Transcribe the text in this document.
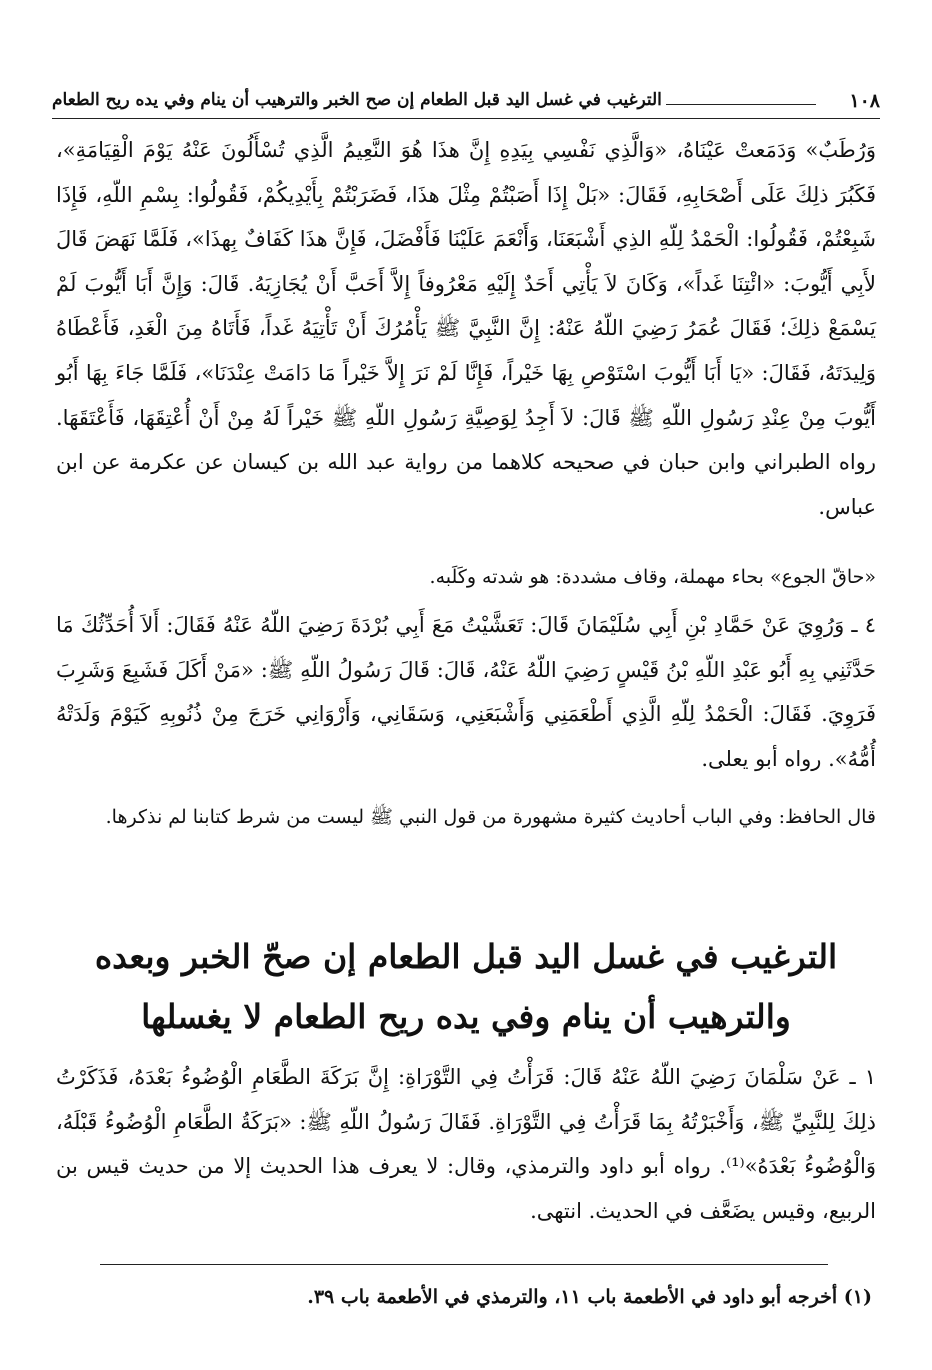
١٠٨
الترغيب في غسل اليد قبل الطعام إن صح الخبر والترهيب أن ينام وفي يده ريح الطعام

وَرُطَبٌ» وَدَمَعتْ عَيْنَاهُ، «وَالَّذِي نَفْسِي بِيَدِهِ إِنَّ هذَا هُوَ النَّعِيمُ الَّذِي تُسْأَلُونَ عَنْهُ يَوْمَ الْقِيَامَةِ»، فَكَبُرَ ذلِكَ عَلَى أَصْحَابِهِ، فَقَالَ: «بَلْ إِذَا أَصَبْتُمْ مِثْلَ هذَا، فَضَرَبْتُمْ بِأَيْدِيكُمْ، فَقُولُوا: بِسْمِ اللّهِ، فَإِذَا شَبِعْتُمْ، فَقُولُوا: الْحَمْدُ لِلّهِ الذِي أَشْبَعَنَا، وَأَنْعَمَ عَلَيْنَا فَأَفْضَلَ، فَإِنَّ هذَا كَفَافٌ بِهذَا»، فَلَمَّا نَهَضَ قَالَ لأَبِي أَيُّوبَ: «ائْتِنَا غَداً»، وَكَانَ لاَ يَأْتِي أَحَدٌ إِلَيْهِ مَعْرُوفاً إِلاَّ أَحَبَّ أَنْ يُجَازِيَهُ. قَالَ: وَإِنَّ أَبَا أَيُّوبَ لَمْ يَسْمَعْ ذلِكَ؛ فَقَالَ عُمَرُ رَضِيَ اللّهُ عَنْهُ: إِنَّ النَّبِيَّ ﷺ يَأْمُرُكَ أَنْ تَأْتِيَهُ غَداً، فَأَتَاهُ مِنَ الْغَدِ، فَأَعْطَاهُ وَلِيدَتَهُ، فَقَالَ: «يَا أَبَا أَيُّوبَ اسْتَوْصِ بِهَا خَيْراً، فَإِنَّا لَمْ نَرَ إِلاَّ خَيْراً مَا دَامَتْ عِنْدَنَا»، فَلَمَّا جَاءَ بِهَا أَبُو أَيُّوبَ مِنْ عِنْدِ رَسُولِ اللّهِ ﷺ قَالَ: لاَ أَجِدُ لِوَصِيَّةِ رَسُولِ اللّهِ ﷺ خَيْراً لَهُ مِنْ أَنْ أُعْتِقَهَا، فَأَعْتَقَهَا. رواه الطبراني وابن حبان في صحيحه كلاهما من رواية عبد الله بن كيسان عن عكرمة عن ابن عباس.

«حاقّ الجوع» بحاء مهملة، وقاف مشددة: هو شدته وكَلَبه.

٤ ـ وَرُوِيَ عَنْ حَمَّادِ بْنِ أَبِي سُلَيْمَانَ قَالَ: تَعَشَّيْتُ مَعَ أَبِي بُرْدَةَ رَضِيَ اللّهُ عَنْهُ فَقَالَ: أَلاَ أُحَدِّثُكَ مَا حَدَّثَنِي بِهِ أَبُو عَبْدِ اللّهِ بْنُ قَيْسٍ رَضِيَ اللّهُ عَنْهُ، قَالَ: قَالَ رَسُولُ اللّهِ ﷺ: «مَنْ أَكَلَ فَشَبِعَ وَشَرِبَ فَرَوِيَ. فَقَالَ: الْحَمْدُ لِلّهِ الَّذِي أَطْعَمَنِي وَأَشْبَعَنِي، وَسَقَانِي، وَأَرْوَانِي خَرَجَ مِنْ ذُنُوبِهِ كَيَوْمَ وَلَدَتْهُ أُمُّهُ». رواه أبو يعلى.

قال الحافظ: وفي الباب أحاديث كثيرة مشهورة من قول النبي ﷺ ليست من شرط كتابنا لم نذكرها.

الترغيب في غسل اليد قبل الطعام إن صحّ الخبر وبعده
والترهيب أن ينام وفي يده ريح الطعام لا يغسلها

١ ـ عَنْ سَلْمَانَ رَضِيَ اللّهُ عَنْهُ قَالَ: قَرَأْتُ فِي التَّوْرَاةِ: إِنَّ بَرَكَةَ الطَّعَامِ الْوُضُوءُ بَعْدَهُ، فَذَكَرْتُ ذلِكَ لِلنَّبِيِّ ﷺ، وَأَخْبَرْتُهُ بِمَا قَرَأْتُ فِي التَّوْرَاةِ. فَقَالَ رَسُولُ اللّهِ ﷺ: «بَرَكَةُ الطَّعَامِ الْوُضُوءُ قَبْلَهُ، وَالْوُضُوءُ بَعْدَهُ»⁽¹⁾. رواه أبو داود والترمذي، وقال: لا يعرف هذا الحديث إلا من حديث قيس بن الربيع، وقيس يضَعَّف في الحديث. انتهى.

(١) أخرجه أبو داود في الأطعمة باب ١١، والترمذي في الأطعمة باب ٣٩.
